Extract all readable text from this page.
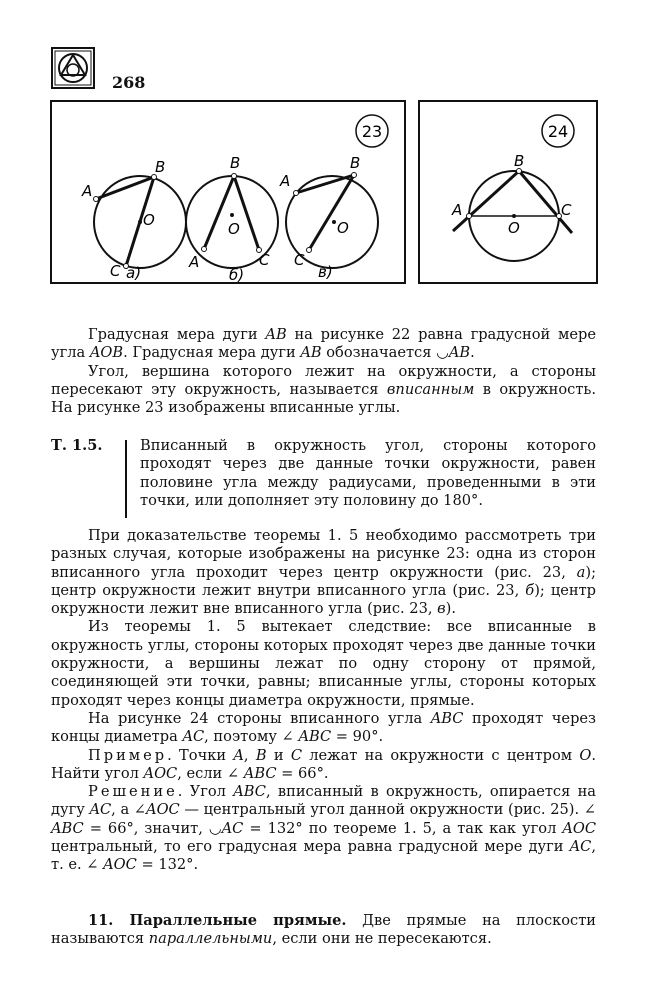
268
23
A
B
O
C а)
B
O
A	C
б)
A
B
O
C
в)
24
B
A
O
C

Градусная мера дуги AB на рисунке 22 равна градусной мере угла AOB. Градусная мера дуги AB обозначается ◡AB.

Угол, вершина которого лежит на окружности, а стороны пересекают эту окружность, называется вписанным в окружность. На рисунке 23 изображены вписанные углы.

Т. 1.5.	Вписанный в окружность угол, стороны которого проходят через две данные точки окружности, равен половине угла между радиусами, проведенными в эти точки, или дополняет эту половину до 180°.

При доказательстве теоремы 1. 5 необходимо рассмотреть три разных случая, которые изображены на рисунке 23: одна из сторон вписанного угла проходит через центр окружности (рис. 23, а); центр окружности лежит внутри вписанного угла (рис. 23, б); центр окружности лежит вне вписанного угла (рис. 23, в).

Из теоремы 1. 5 вытекает следствие: все вписанные в окружность углы, стороны которых проходят через две данные точки окружности, а вершины лежат по одну сторону от прямой, соединяющей эти точки, равны; вписанные углы, стороны которых проходят через концы диаметра окружности, прямые.

На рисунке 24 стороны вписанного угла ABC проходят через концы диаметра AC, поэтому ∠ ABC = 90°.

Пример. Точки A, B и C лежат на окружности с центром O. Найти угол AOC, если ∠ ABC = 66°.

Решение. Угол ABC, вписанный в окружность, опирается на дугу AC, а ∠AOC — центральный угол данной окружности (рис. 25). ∠ ABC = 66°, значит, ◡AC = 132° по теореме 1. 5, а так как угол AOC центральный, то его градусная мера равна градусной мере дуги AC, т. е. ∠ AOC = 132°.

11. Параллельные прямые. Две прямые на плоскости называются параллельными, если они не пересекаются.
